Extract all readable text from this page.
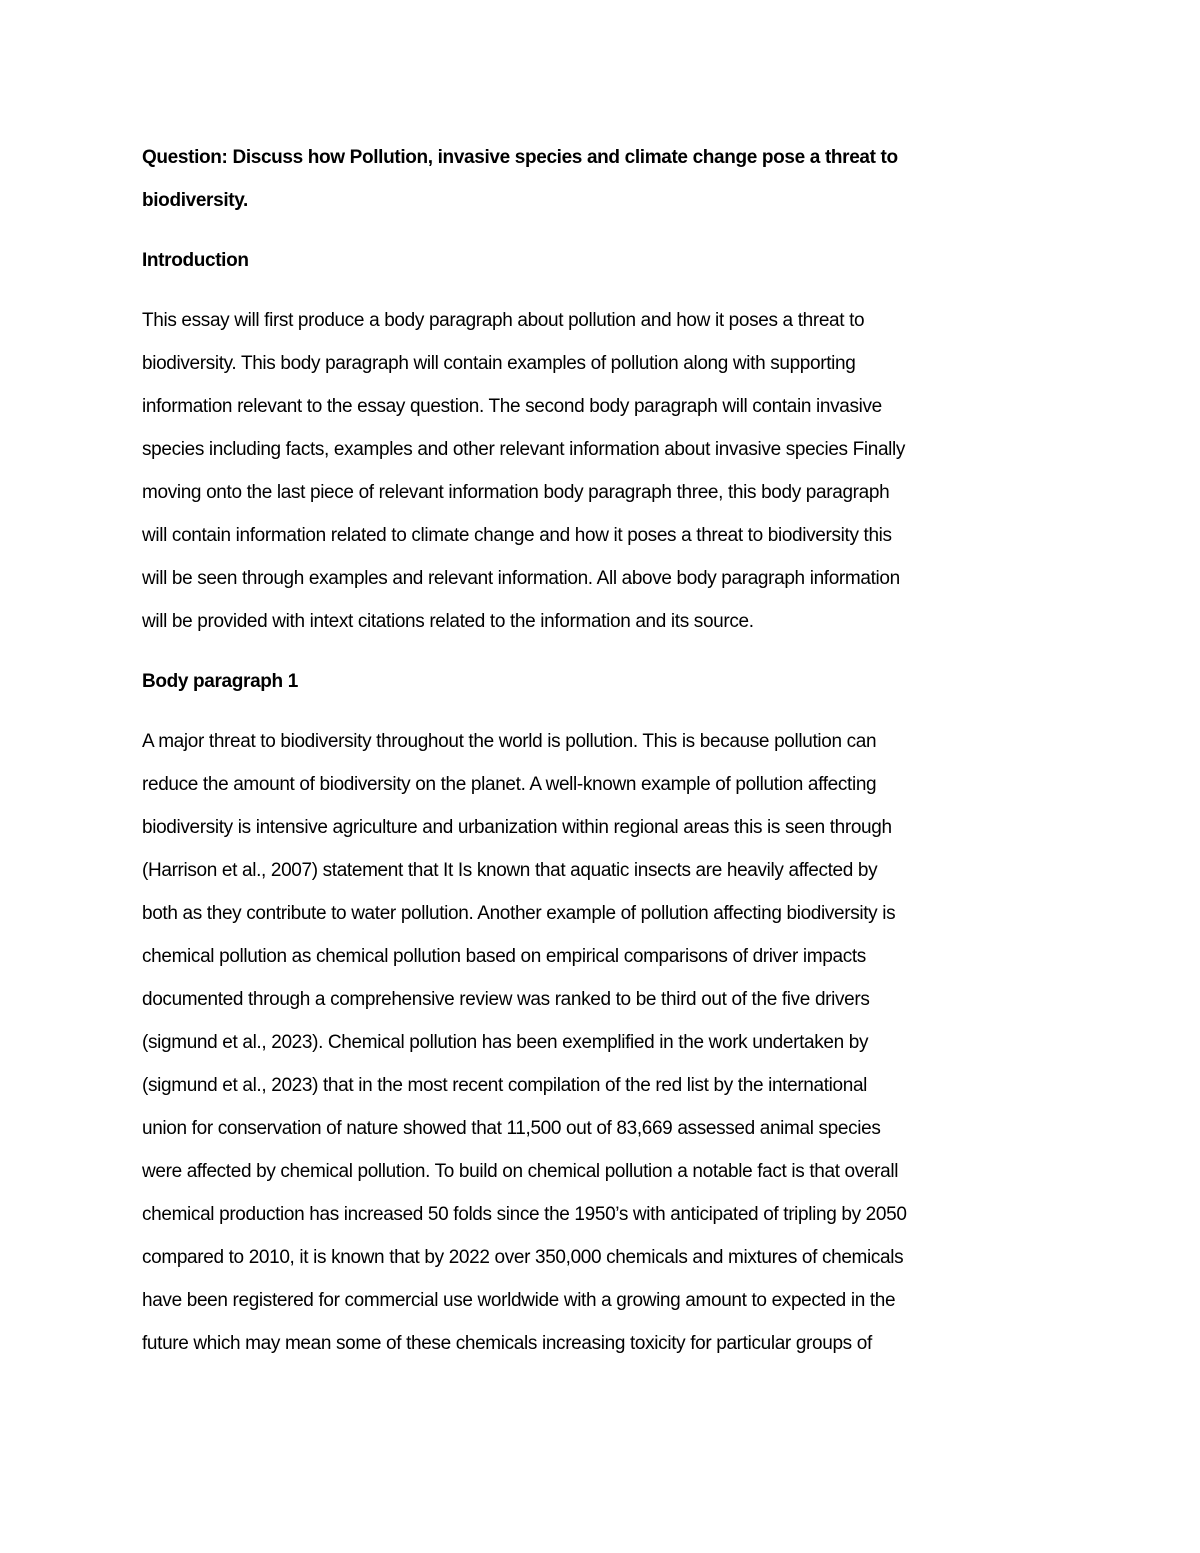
Question: Discuss how Pollution, invasive species and climate change pose a threat to
biodiversity.
Introduction
This essay will first produce a body paragraph about pollution and how it poses a threat to
biodiversity. This body paragraph will contain examples of pollution along with supporting
information relevant to the essay question. The second body paragraph will contain invasive
species including facts, examples and other relevant information about invasive species Finally
moving onto the last piece of relevant information body paragraph three, this body paragraph
will contain information related to climate change and how it poses a threat to biodiversity this
will be seen through examples and relevant information. All above body paragraph information
will be provided with intext citations related to the information and its source.
Body paragraph 1
A major threat to biodiversity throughout the world is pollution. This is because pollution can
reduce the amount of biodiversity on the planet. A well-known example of pollution affecting
biodiversity is intensive agriculture and urbanization within regional areas this is seen through
(Harrison et al., 2007) statement that It Is known that aquatic insects are heavily affected by
both as they contribute to water pollution. Another example of pollution affecting biodiversity is
chemical pollution as chemical pollution based on empirical comparisons of driver impacts
documented through a comprehensive review was ranked to be third out of the five drivers
(sigmund et al., 2023). Chemical pollution has been exemplified in the work undertaken by
(sigmund et al., 2023) that in the most recent compilation of the red list by the international
union for conservation of nature showed that 11,500 out of 83,669 assessed animal species
were affected by chemical pollution. To build on chemical pollution a notable fact is that overall
chemical production has increased 50 folds since the 1950’s with anticipated of tripling by 2050
compared to 2010, it is known that by 2022 over 350,000 chemicals and mixtures of chemicals
have been registered for commercial use worldwide with a growing amount to expected in the
future which may mean some of these chemicals increasing toxicity for particular groups of
